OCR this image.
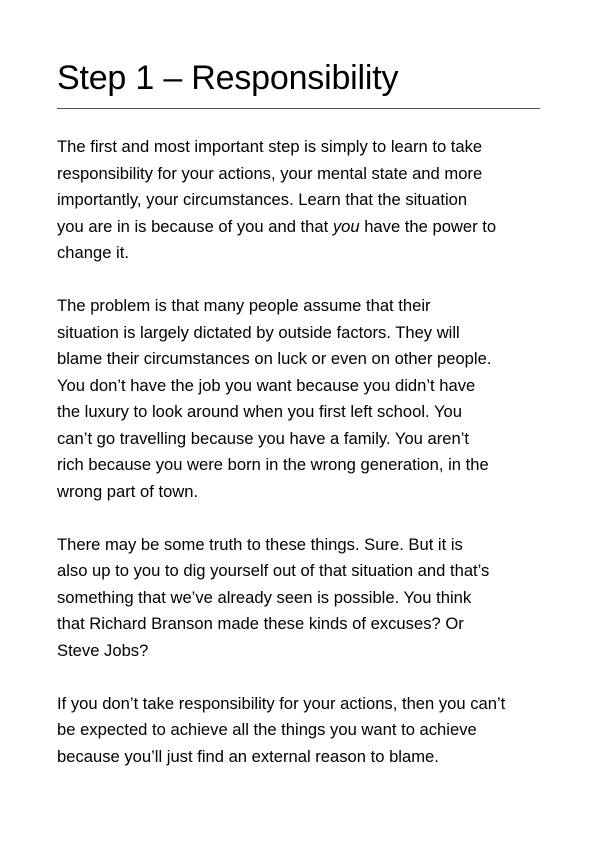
Step 1 – Responsibility

The first and most important step is simply to learn to take
responsibility for your actions, your mental state and more
importantly, your circumstances. Learn that the situation
you are in is because of you and that you have the power to
change it.

The problem is that many people assume that their
situation is largely dictated by outside factors. They will
blame their circumstances on luck or even on other people.
You don’t have the job you want because you didn’t have
the luxury to look around when you first left school. You
can’t go travelling because you have a family. You aren’t
rich because you were born in the wrong generation, in the
wrong part of town.

There may be some truth to these things. Sure. But it is
also up to you to dig yourself out of that situation and that’s
something that we’ve already seen is possible. You think
that Richard Branson made these kinds of excuses? Or
Steve Jobs?

If you don’t take responsibility for your actions, then you can’t
be expected to achieve all the things you want to achieve
because you’ll just find an external reason to blame.
